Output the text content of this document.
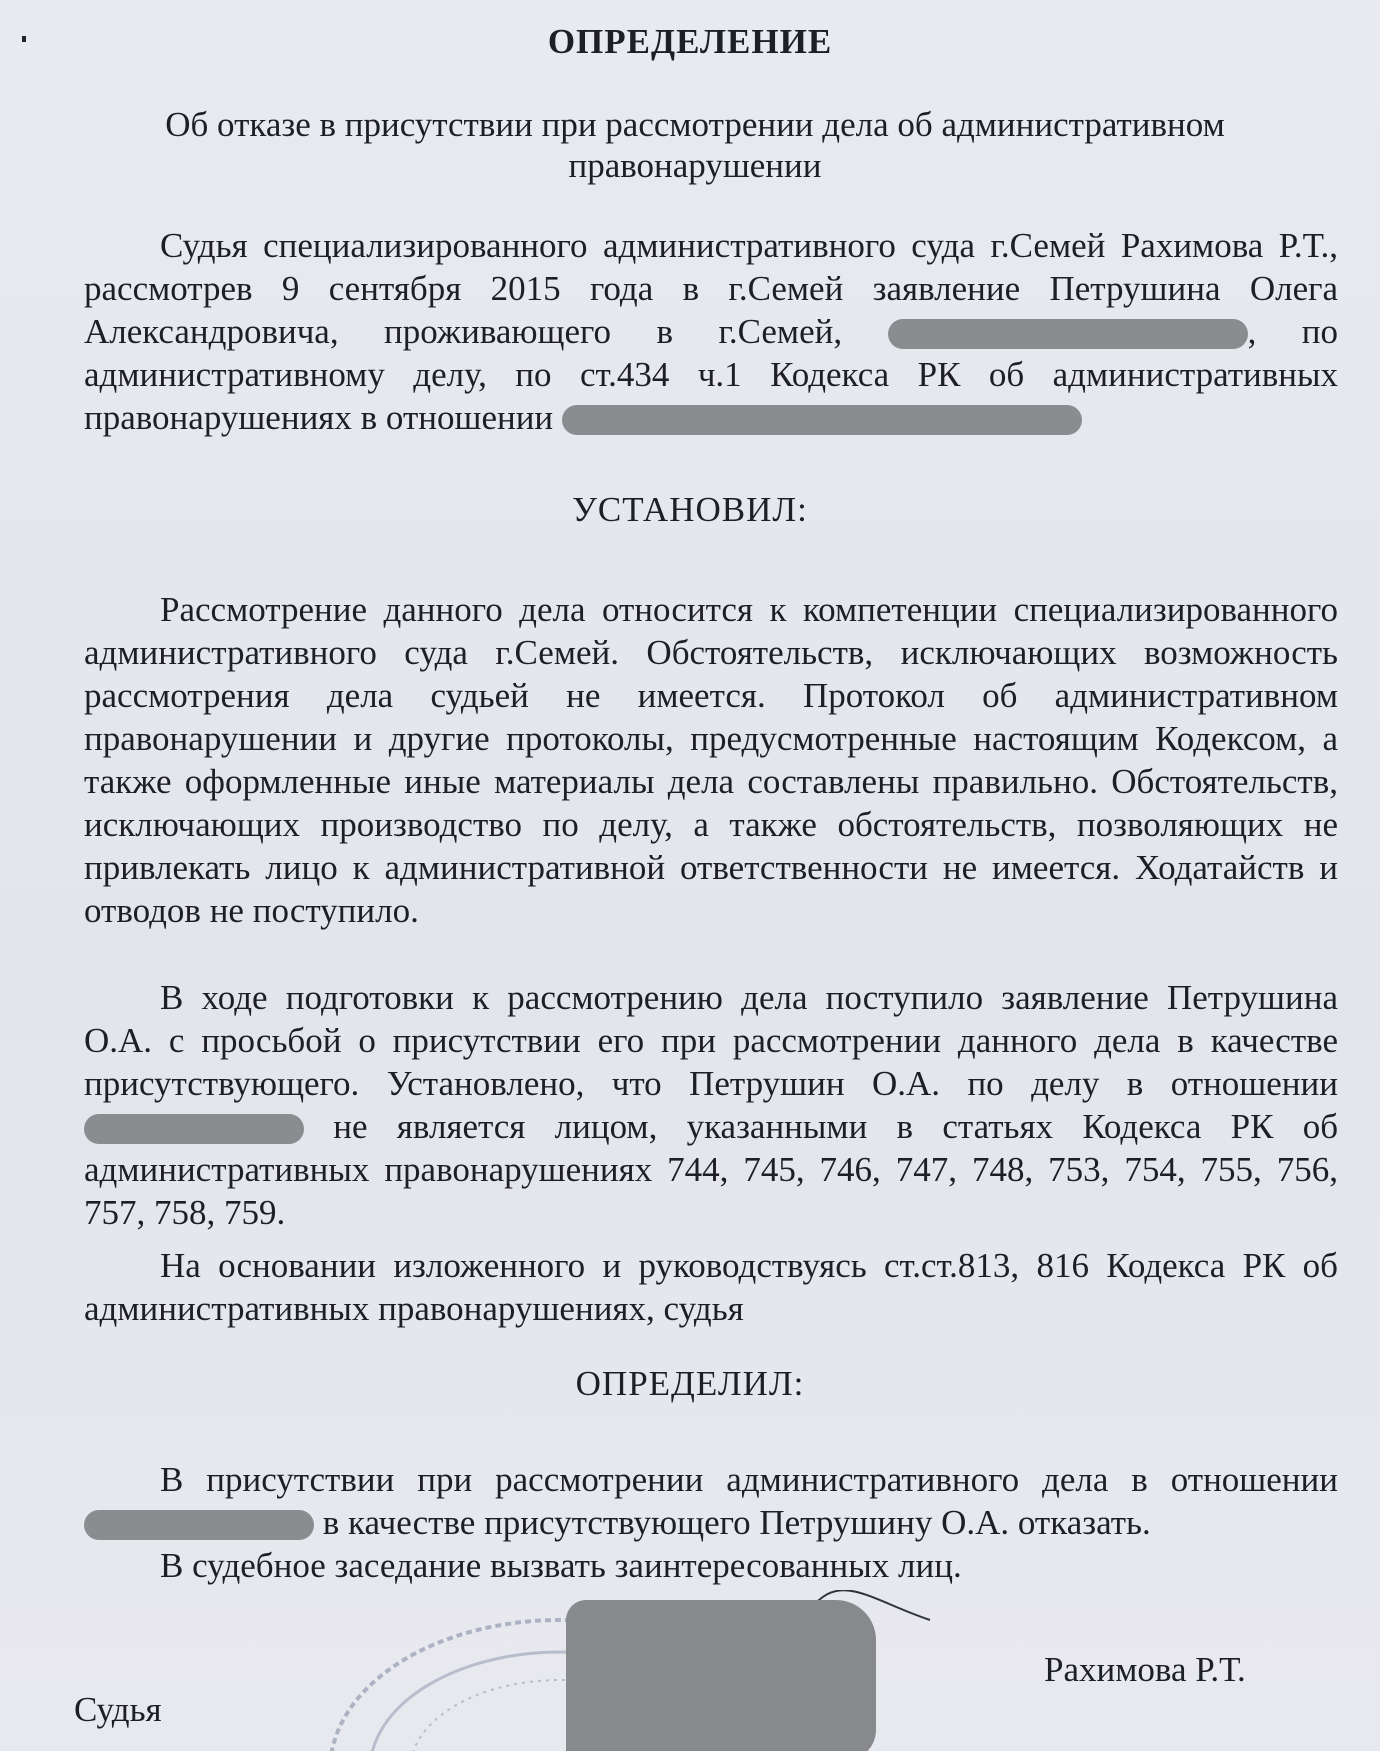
ОПРЕДЕЛЕНИЕ

Об отказе в присутствии при рассмотрении дела об административном правонарушении

Судья специализированного административного суда г.Семей Рахимова Р.Т., рассмотрев 9 сентября 2015 года в г.Семей заявление Петрушина Олега Александровича, проживающего в г.Семей,	, по административному делу, по ст.434 ч.1 Кодекса РК об административных правонарушениях в отношении

УСТАНОВИЛ:

Рассмотрение данного дела относится к компетенции специализированного административного суда г.Семей. Обстоятельств, исключающих возможность рассмотрения дела судьей не имеется. Протокол об административном правонарушении и другие протоколы, предусмотренные настоящим Кодексом, а также оформленные иные материалы дела составлены правильно. Обстоятельств, исключающих производство по делу, а также обстоятельств, позволяющих не привлекать лицо к административной ответственности не имеется. Ходатайств и отводов не поступило.

В ходе подготовки к рассмотрению дела поступило заявление Петрушина О.А. с просьбой о присутствии его при рассмотрении данного дела в качестве присутствующего. Установлено, что Петрушин О.А. по делу в отношении  не является лицом, указанными в статьях Кодекса РК об административных правонарушениях 744, 745, 746, 747, 748, 753, 754, 755, 756, 757, 758, 759.

На основании изложенного и руководствуясь ст.ст.813, 816 Кодекса РК об административных правонарушениях, судья

ОПРЕДЕЛИЛ:

В присутствии при рассмотрении административного дела в отношении  в качестве присутствующего Петрушину О.А. отказать.

В судебное заседание вызвать заинтересованных лиц.

Судья

Рахимова Р.Т.
